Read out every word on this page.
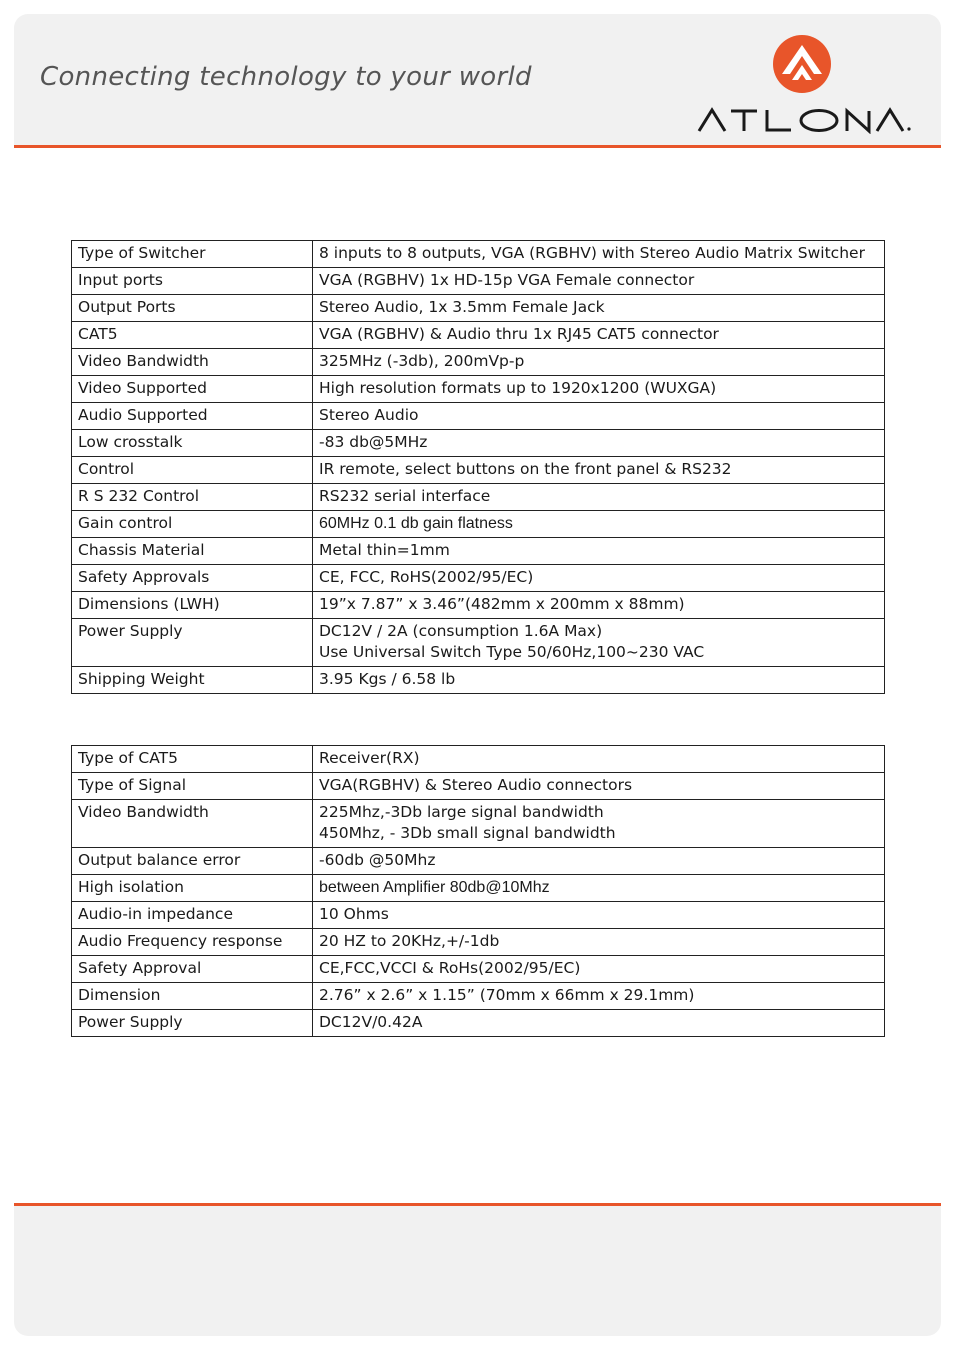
Connecting technology to your world
Type of Switcher	8 inputs to 8 outputs, VGA (RGBHV) with Stereo Audio Matrix Switcher

Input ports	VGA (RGBHV) 1x HD-15p VGA Female connector

Output Ports	Stereo Audio, 1x 3.5mm Female Jack

CAT5	VGA (RGBHV) & Audio thru 1x RJ45 CAT5 connector

Video Bandwidth	325MHz (-3db), 200mVp-p

Video Supported	High resolution formats up to 1920x1200 (WUXGA)

Audio Supported	Stereo Audio

Low crosstalk	-83 db@5MHz

Control	IR remote, select buttons on the front panel & RS232

R S 232 Control	RS232 serial interface

Gain control	60MHz 0.1 db gain flatness

Chassis Material	Metal thin=1mm

Safety Approvals	CE, FCC, RoHS(2002/95/EC)

Dimensions (LWH)	19”x 7.87” x 3.46”(482mm x 200mm x 88mm)

Power Supply	DC12V / 2A (consumption 1.6A Max)
Use Universal Switch Type 50/60Hz,100~230 VAC

Shipping Weight	3.95 Kgs / 6.58 lb
Type of CAT5	Receiver(RX)

Type of Signal	VGA(RGBHV) & Stereo Audio connectors

Video Bandwidth	225Mhz,-3Db large signal bandwidth
450Mhz, - 3Db small signal bandwidth

Output balance error	-60db @50Mhz

High isolation	between Amplifier 80db@10Mhz

Audio-in impedance	10 Ohms

Audio Frequency response	20 HZ to 20KHz,+/-1db

Safety Approval	CE,FCC,VCCI & RoHs(2002/95/EC)

Dimension	2.76” x 2.6” x 1.15” (70mm x 66mm x 29.1mm)

Power Supply	DC12V/0.42A
